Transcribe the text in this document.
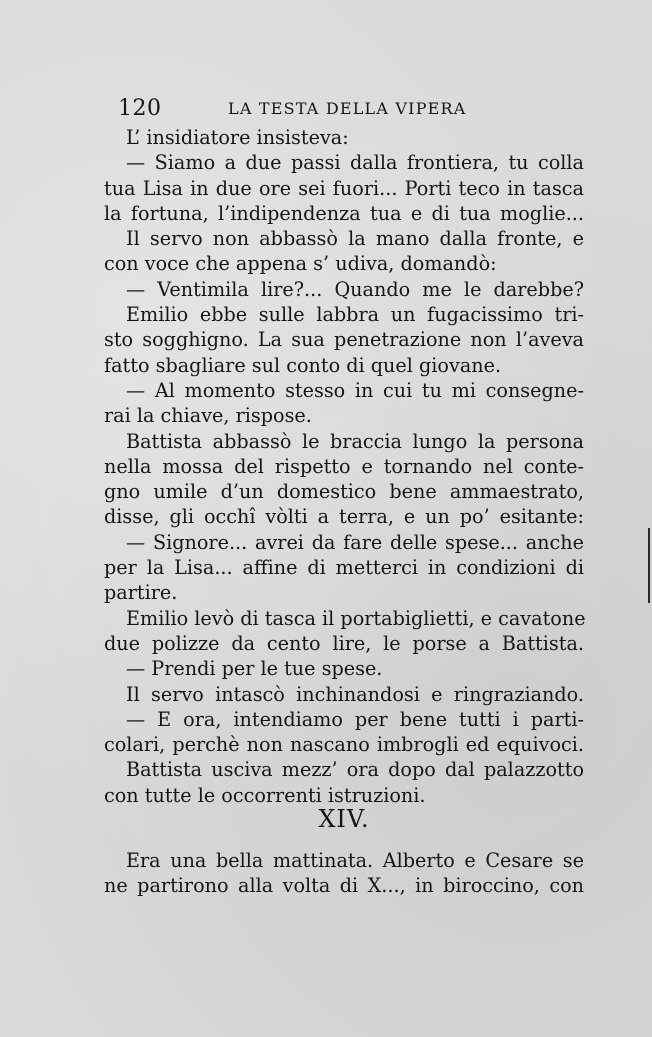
120	LA TESTA DELLA VIPERA
L’ insidiatore insisteva:
— Siamo a due passi dalla frontiera, tu colla
tua Lisa in due ore sei fuori... Porti teco in tasca
la fortuna, l’indipendenza tua e di tua moglie...
Il servo non abbassò la mano dalla fronte, e
con voce che appena s’ udiva, domandò:
— Ventimila lire?... Quando me le darebbe?
Emilio ebbe sulle labbra un fugacissimo tri-
sto sogghigno. La sua penetrazione non l’aveva
fatto sbagliare sul conto di quel giovane.
— Al momento stesso in cui tu mi consegne-
rai la chiave, rispose.
Battista abbassò le braccia lungo la persona
nella mossa del rispetto e tornando nel conte-
gno umile d’un domestico bene ammaestrato,
disse, gli occhî vòlti a terra, e un po’ esitante:
— Signore... avrei da fare delle spese... anche
per la Lisa... affine di metterci in condizioni di
partire.
Emilio levò di tasca il portabiglietti, e cavatone
due polizze da cento lire, le porse a Battista.
— Prendi per le tue spese.
Il servo intascò inchinandosi e ringraziando.
— E ora, intendiamo per bene tutti i parti-
colari, perchè non nascano imbrogli ed equivoci.
Battista usciva mezz’ ora dopo dal palazzotto
con tutte le occorrenti istruzioni.
XIV.
Era una bella mattinata. Alberto e Cesare se
ne partirono alla volta di X..., in biroccino, con
